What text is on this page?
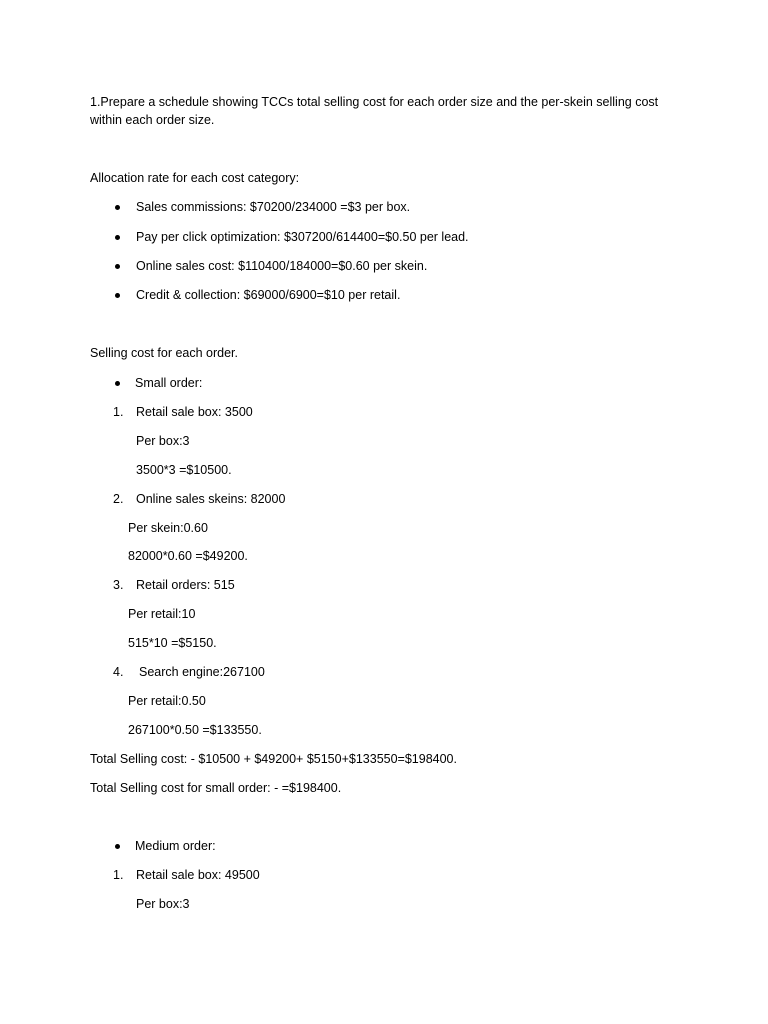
1.Prepare a schedule showing TCCs total selling cost for each order size and the per-skein selling cost
within each order size.
Allocation rate for each cost category:
Sales commissions: $70200/234000 =$3 per box.
Pay per click optimization: $307200/614400=$0.50 per lead.
Online sales cost: $110400/184000=$0.60 per skein.
Credit & collection: $69000/6900=$10 per retail.
Selling cost for each order.
Small order:
1. Retail sale box: 3500
Per box:3
3500*3 =$10500.
2. Online sales skeins: 82000
Per skein:0.60
82000*0.60 =$49200.
3. Retail orders: 515
Per retail:10
515*10 =$5150.
4. Search engine:267100
Per retail:0.50
267100*0.50 =$133550.
Total Selling cost: - $10500 + $49200+ $5150+$133550=$198400.
Total Selling cost for small order: - =$198400.
Medium order:
1. Retail sale box: 49500
Per box:3
